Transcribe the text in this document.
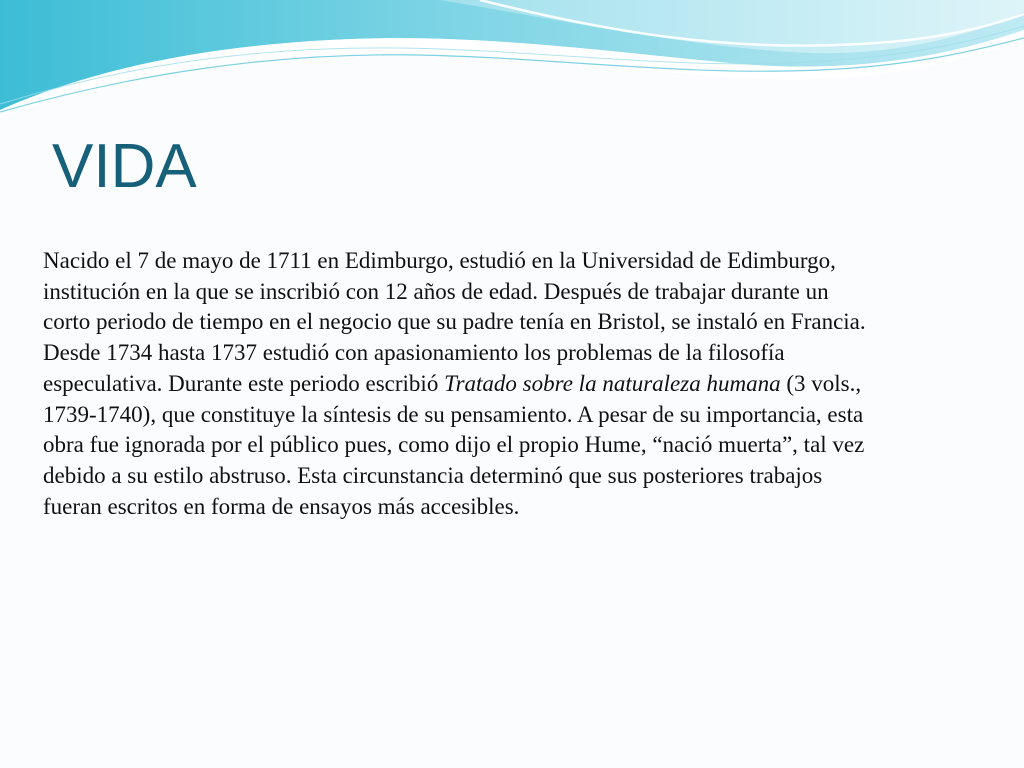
VIDA

Nacido el 7 de mayo de 1711 en Edimburgo, estudió en la Universidad de Edimburgo, institución en la que se inscribió con 12 años de edad. Después de trabajar durante un corto periodo de tiempo en el negocio que su padre tenía en Bristol, se instaló en Francia. Desde 1734 hasta 1737 estudió con apasionamiento los problemas de la filosofía especulativa. Durante este periodo escribió Tratado sobre la naturaleza humana (3 vols., 1739-1740), que constituye la síntesis de su pensamiento. A pesar de su importancia, esta obra fue ignorada por el público pues, como dijo el propio Hume, “nació muerta”, tal vez debido a su estilo abstruso. Esta circunstancia determinó que sus posteriores trabajos fueran escritos en forma de ensayos más accesibles.
